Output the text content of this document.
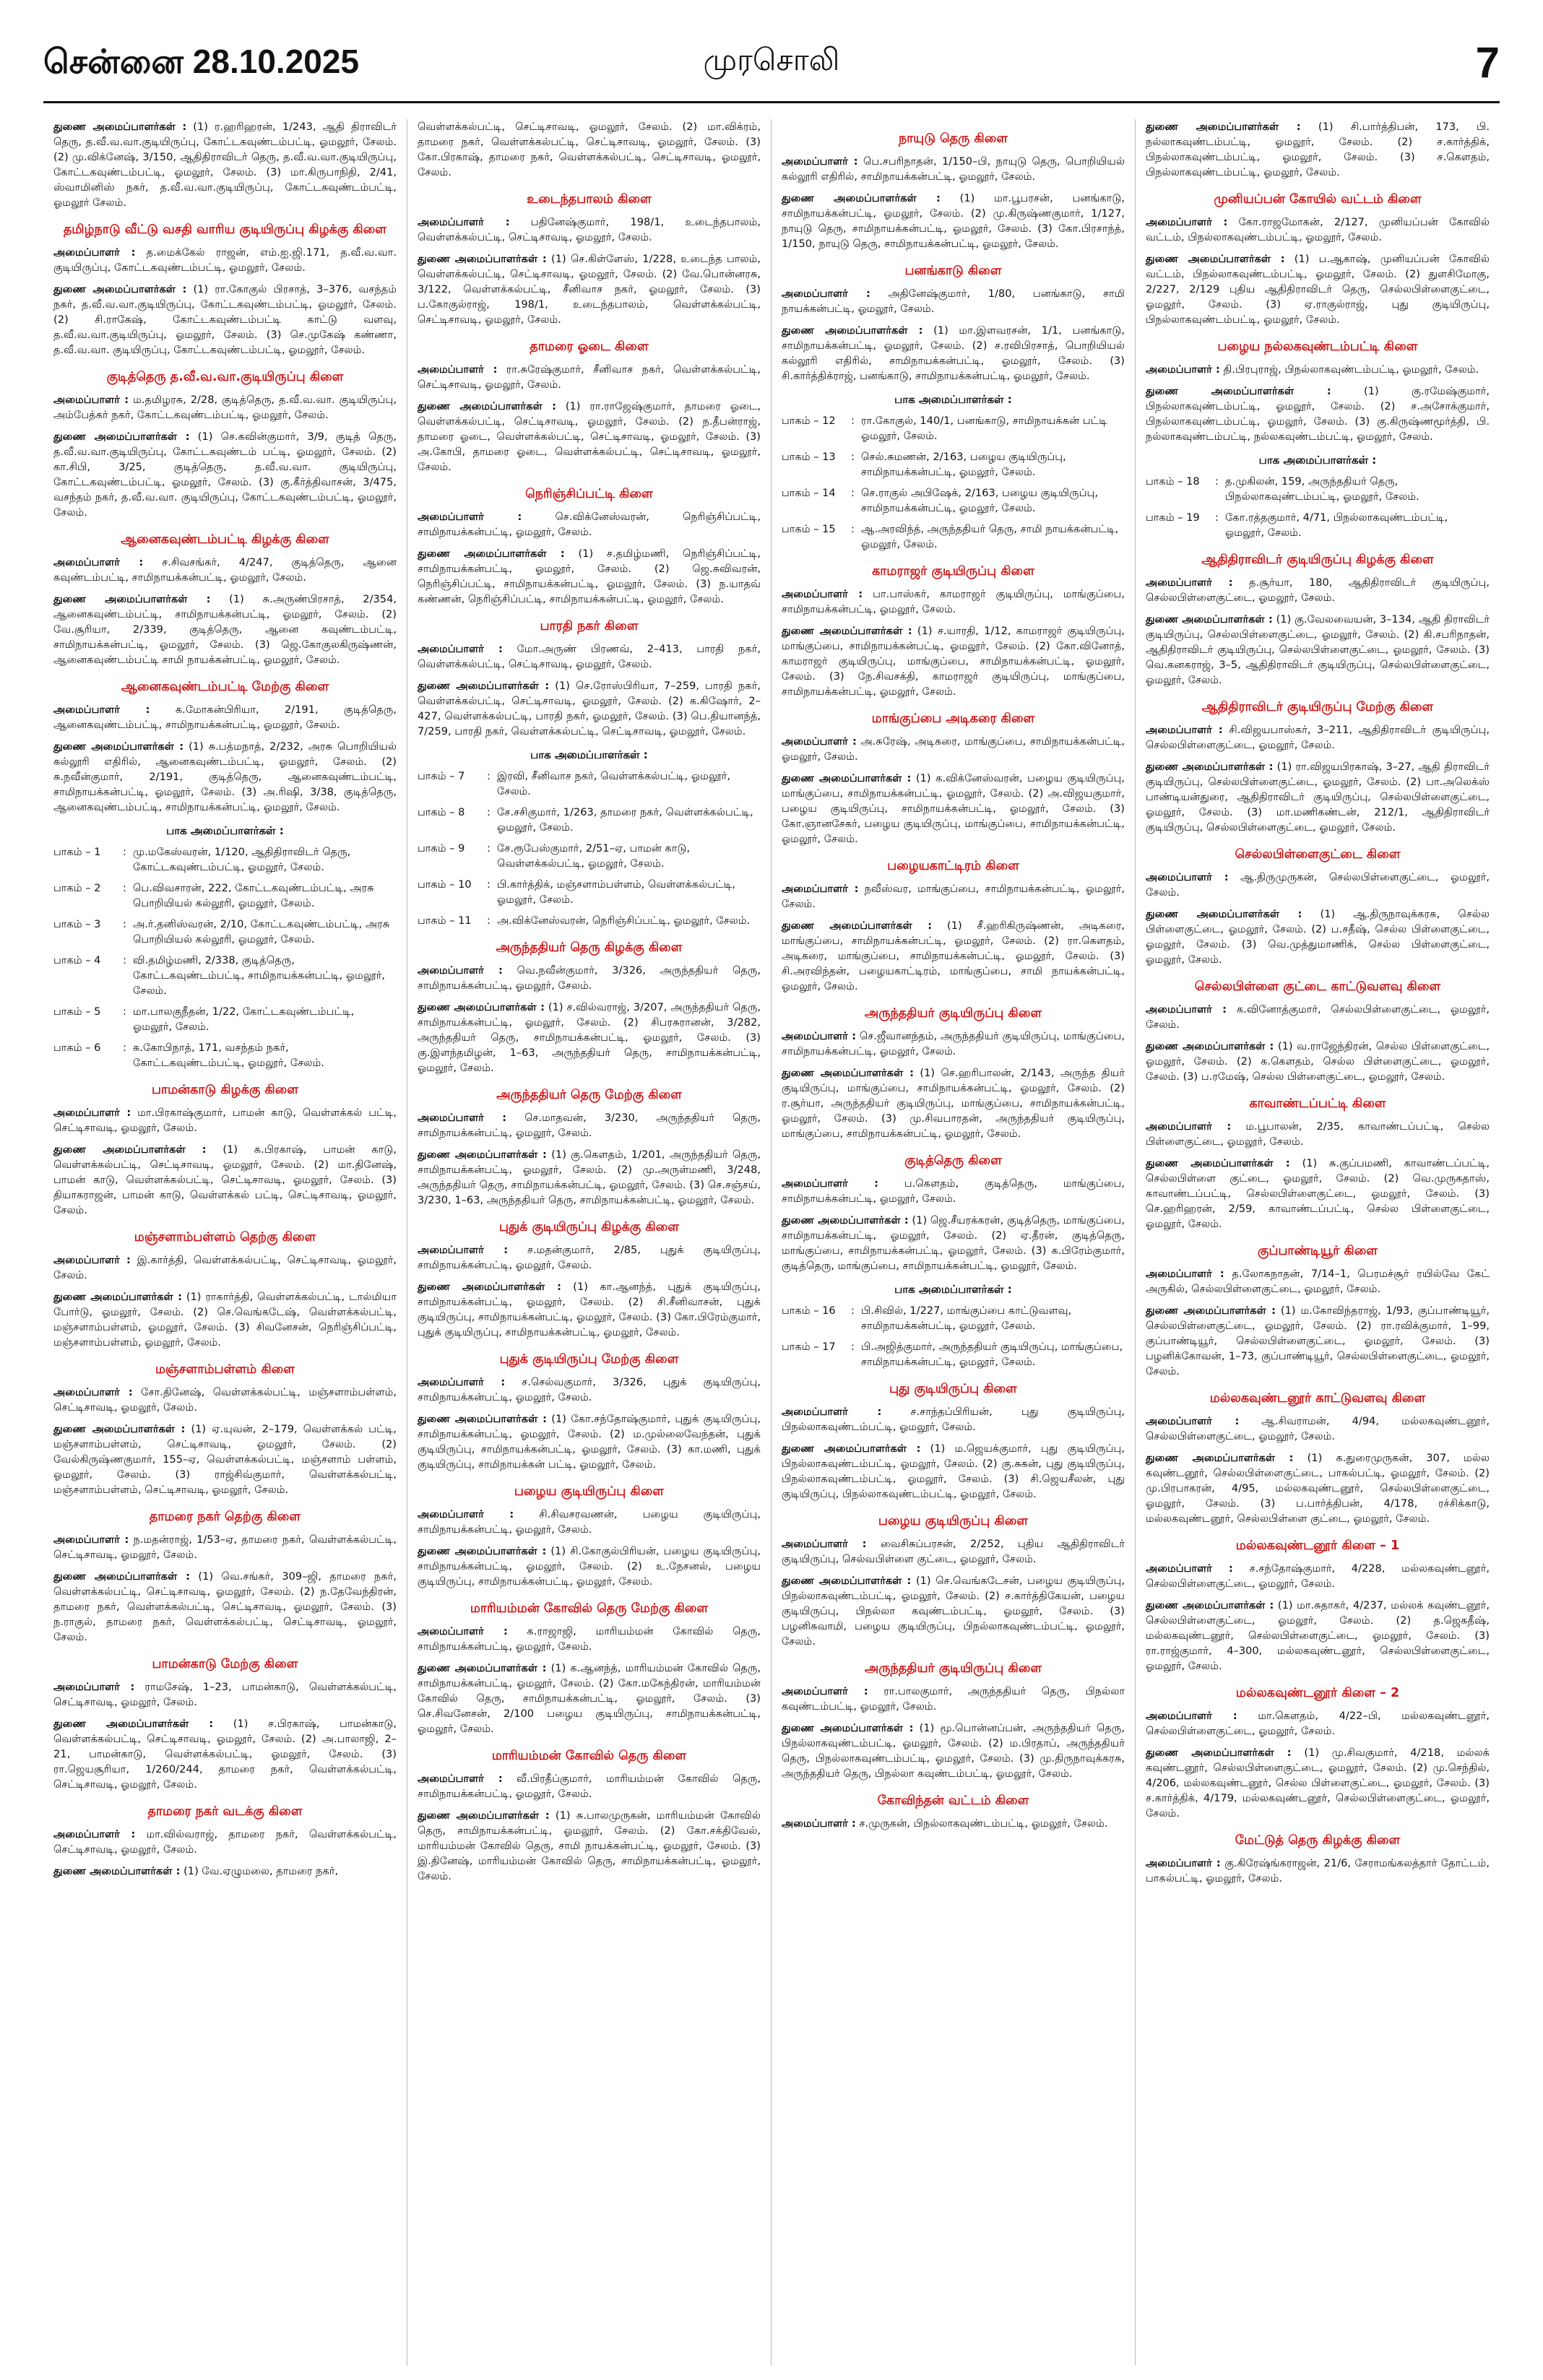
சென்னை 28.10.2025	முரசொலி	7
துணை அமைப்பாளர்கள் : (1) ர.ஹரிஹரன், 1/243, ஆதி திராவிடர் தெரு, த.வீ.வ.வா.குடியிருப்பு, கோட்டகவுண்டம்பட்டி, ஓமலூர், சேலம். (2) மு.விக்னேஷ், 3/150, ஆதிதிராவிடர் தெரு, த.வீ.வ.வா.குடியிருப்பு, கோட்டகவுண்டம்பட்டி, ஓமலூர், சேலம். (3) மா.கிருபாநிதி, 2/41, ஸ்வாமினிஸ் நகர், த.வீ.வ.வா.குடியிருப்பு, கோட்டகவுண்டம்பட்டி, ஓமலூர் சேலம்.
தமிழ்நாடு வீட்டு வசதி வாரிய குடியிருப்பு கிழக்கு கிளை
அமைப்பாளர் : த.மைக்கேல் ராஜன், எம்.ஐ.ஜி.171, த.வீ.வ.வா. குடியிருப்பு, கோட்டகவுண்டம்பட்டி, ஓமலூர், சேலம்.
துணை அமைப்பாளர்கள் : (1) ரா.கோகுல் பிரசாத், 3–376, வசந்தம் நகர், த.வீ.வ.வா.குடியிருப்பு, கோட்டகவுண்டம்பட்டி, ஓமலூர், சேலம். (2) சி.ராகேஷ், கோட்டகவுண்டம்பட்டி காட்டு வளவு, த.வீ.வ.வா.குடியிருப்பு, ஓமலூர், சேலம். (3) செ.முகேஷ் கண்ணா, த.வீ.வ.வா. குடியிருப்பு, கோட்டகவுண்டம்பட்டி, ஓமலூர், சேலம்.
குடித்தெரு த.வீ.வ.வா.குடியிருப்பு கிளை
அமைப்பாளர் : ம.தமிழரசு, 2/28, குடித்தெரு, த.வீ.வ.வா. குடியிருப்பு, அம்பேத்கர் நகர், கோட்டகவுண்டம்பட்டி, ஓமலூர், சேலம்.
துணை அமைப்பாளர்கள் : (1) செ.கவின்குமார், 3/9, குடித் தெரு, த.வீ.வ.வா.குடியிருப்பு, கோட்டகவுண்டம் பட்டி, ஓமலூர், சேலம். (2) கா.சிபி, 3/25, குடித்தெரு, த.வீ.வ.வா. குடியிருப்பு, கோட்டகவுண்டம்பட்டி, ஓமலூர், சேலம். (3) கு.கீர்த்திவாசன், 3/475, வசந்தம் நகர், த.வீ.வ.வா. குடியிருப்பு, கோட்டகவுண்டம்பட்டி, ஓமலூர், சேலம்.
ஆனைகவுண்டம்பட்டி கிழக்கு கிளை
அமைப்பாளர் : ச.சிவசங்கர், 4/247, குடித்தெரு, ஆனை கவுண்டம்பட்டி, சாமிநாயக்கன்பட்டி, ஓமலூர், சேலம்.
துணை அமைப்பாளர்கள் : (1) சு.அருண்பிரசாத், 2/354, ஆனைகவுண்டம்பட்டி, சாமிநாயக்கன்பட்டி, ஓமலூர், சேலம். (2) வே.சூரியா, 2/339, குடித்தெரு, ஆனை கவுண்டம்பட்டி, சாமிநாயக்கன்பட்டி, ஓமலூர், சேலம். (3) ஜெ.கோகுலகிருஷ்ணன், ஆனைகவுண்டம்பட்டி சாமி நாயக்கன்பட்டி, ஓமலூர், சேலம்.
ஆனைகவுண்டம்பட்டி மேற்கு கிளை
அமைப்பாளர் : க.மோகன்பிரியா, 2/191, குடித்தெரு, ஆனைகவுண்டம்பட்டி, சாமிநாயக்கன்பட்டி, ஓமலூர், சேலம்.
துணை அமைப்பாளர்கள் : (1) சு.பத்மநாத், 2/232, அரசு பொறியியல் கல்லூரி எதிரில், ஆனைகவுண்டம்பட்டி, ஓமலூர், சேலம். (2) சு.நவீன்குமார், 2/191, குடித்தெரு, ஆனைகவுண்டம்பட்டி, சாமிநாயக்கன்பட்டி, ஓமலூர், சேலம். (3) அ.ரிஷி, 3/38, குடித்தெரு, ஆனைகவுண்டம்பட்டி, சாமிநாயக்கன்பட்டி, ஓமலூர், சேலம்.
பாக அமைப்பாளர்கள் :
பாகம் – 1	: மு.மகேஸ்வரன், 1/120, ஆதிதிராவிடர் தெரு, கோட்டகவுண்டம்பட்டி, ஓமலூர், சேலம்.
பாகம் – 2	: பெ.விவசாரன், 222, கோட்டகவுண்டம்பட்டி, அரசு பொறியியல் கல்லூரி, ஓமலூர், சேலம்.
பாகம் – 3	: அ.ர்.தனிஸ்வரன், 2/10, கோட்டகவுண்டம்பட்டி, அரசு பொறியியல் கல்லூரி, ஓமலூர், சேலம்.
பாகம் – 4	: வி.தமிழ்மணி, 2/338, குடித்தெரு, கோட்டகவுண்டம்பட்டி, சாமிநாயக்கன்பட்டி, ஓமலூர், சேலம்.
பாகம் – 5	: மா.பாலகுநீதன், 1/22, கோட்டகவுண்டம்பட்டி, ஓமலூர், சேலம்.
பாகம் – 6	: க.கோபிநாத், 171, வசந்தம் நகர், கோட்டகவுண்டம்பட்டி, ஓமலூர், சேலம்.
பாமன்காடு கிழக்கு கிளை
அமைப்பாளர் : மா.பிரகாஷ்குமார், பாமன் காடு, வெள்ளக்கல் பட்டி, செட்டிசாவடி, ஓமலூர், சேலம்.
துணை அமைப்பாளர்கள் : (1) க.பிரகாஷ், பாமன் காடு, வெள்ளக்கல்பட்டி, செட்டிசாவடி, ஓமலூர், சேலம். (2) மா.தினேஷ், பாமன் காடு, வெள்ளக்கல்பட்டி, செட்டிசாவடி, ஓமலூர், சேலம். (3) தியாகராஜன், பாமன் காடு, வெள்ளக்கல் பட்டி, செட்டிசாவடி, ஓமலூர், சேலம்.
மஞ்சளாம்பள்ளம் தெற்கு கிளை
அமைப்பாளர் : இ.கார்த்தி, வெள்ளக்கல்பட்டி, செட்டிசாவடி, ஓமலூர், சேலம்.
துணை அமைப்பாளர்கள் : (1) ராகார்த்தி, வெள்ளக்கல்பட்டி, டால்மியா போர்டு, ஓமலூர், சேலம். (2) செ.வெங்கடேஷ், வெள்ளக்கல்பட்டி, மஞ்சளாம்பள்ளம், ஓமலூர், சேலம். (3) சிவனேசன், நெரிஞ்சிப்பட்டி, மஞ்சளாம்பள்ளம், ஓமலூர், சேலம்.
மஞ்சளாம்பள்ளம் கிளை
அமைப்பாளர் : சோ.தினேஷ், வெள்ளக்கல்பட்டி, மஞ்சளாம்பள்ளம், செட்டிசாவடி, ஓமலூர், சேலம்.
துணை அமைப்பாளர்கள் : (1) ஏ.யுவன், 2–179, வெள்ளக்கல் பட்டி, மஞ்சளாம்பள்ளம், செட்டிசாவடி, ஓமலூர், சேலம். (2) வேல்கிருஷ்ணகுமார், 155–ஏ, வெள்ளக்கல்பட்டி, மஞ்சளாம் பள்ளம், ஓமலூர், சேலம். (3) ராஜ்சிவ்குமார், வெள்ளக்கல்பட்டி, மஞ்சளாம்பள்ளம், செட்டிசாவடி, ஓமலூர், சேலம்.
தாமரை நகர் தெற்கு கிளை
அமைப்பாளர் : ந.மதன்ராஜ், 1/53–ஏ, தாமரை நகர், வெள்ளக்கல்பட்டி, செட்டிசாவடி, ஓமலூர், சேலம்.
துணை அமைப்பாளர்கள் : (1) வெ.சங்கர், 309–ஜி, தாமரை நகர், வெள்ளக்கல்பட்டி, செட்டிசாவடி, ஓமலூர், சேலம். (2) ந.தேவேந்திரன், தாமரை நகர், வெள்ளக்கல்பட்டி, செட்டிசாவடி, ஓமலூர், சேலம். (3) ந.ராகுல், தாமரை நகர், வெள்ளக்கல்பட்டி, செட்டிசாவடி, ஓமலூர், சேலம்.
பாமன்காடு மேற்கு கிளை
அமைப்பாளர் : ராமசேஷ், 1–23, பாமன்காடு, வெள்ளக்கல்பட்டி, செட்டிசாவடி, ஓமலூர், சேலம்.
துணை அமைப்பாளர்கள் : (1) ச.பிரகாஷ், பாமன்காடு, வெள்ளக்கல்பட்டி, செட்டிசாவடி, ஓமலூர், சேலம். (2) அ.பாலாஜி, 2–21, பாமன்காடு, வெள்ளக்கல்பட்டி, ஓமலூர், சேலம். (3) ரா.ஜெயசூரியா, 1/260/244, தாமரை நகர், வெள்ளக்கல்பட்டி, செட்டிசாவடி, ஓமலூர், சேலம்.
தாமரை நகர் வடக்கு கிளை
அமைப்பாளர் : மா.வில்வராஜ், தாமரை நகர், வெள்ளக்கல்பட்டி, செட்டிசாவடி, ஓமலூர், சேலம்.
துணை அமைப்பாளர்கள் : (1) வே.ஏழுமலை, தாமரை நகர்,
வெள்ளக்கல்பட்டி, செட்டிசாவடி, ஓமலூர், சேலம். (2) மா.விக்ரம், தாமரை நகர், வெள்ளக்கல்பட்டி, செட்டிசாவடி, ஓமலூர், சேலம். (3) கோ.பிரகாஷ், தாமரை நகர், வெள்ளக்கல்பட்டி, செட்டிசாவடி, ஓமலூர், சேலம்.
உடைந்தபாலம் கிளை
அமைப்பாளர் : பதினேஷ்குமார், 198/1, உடைந்தபாலம், வெள்ளக்கல்பட்டி, செட்டிசாவடி, ஓமலூர், சேலம்.
துணை அமைப்பாளர்கள் : (1) செ.கிள்ளேஸ், 1/228, உடைந்த பாலம், வெள்ளக்கல்பட்டி, செட்டிசாவடி, ஓமலூர், சேலம். (2) வே.பொன்னரசு, 3/122, வெள்ளக்கல்பட்டி, சீனிவாச நகர், ஓமலூர், சேலம். (3) ப.கோகுல்ராஜ், 198/1, உடைந்தபாலம், வெள்ளக்கல்பட்டி, செட்டிசாவடி, ஓமலூர், சேலம்.
தாமரை ஓடை கிளை
அமைப்பாளர் : ரா.சுரேஷ்குமார், சீனிவாச நகர், வெள்ளக்கல்பட்டி, செட்டிசாவடி, ஓமலூர், சேலம்.
துணை அமைப்பாளர்கள் : (1) ரா.ராஜேஷ்குமார், தாமரை ஓடை, வெள்ளக்கல்பட்டி, செட்டிசாவடி, ஓமலூர், சேலம். (2) ந.தீபன்ராஜ், தாமரை ஓடை, வெள்ளக்கல்பட்டி, செட்டிசாவடி, ஓமலூர், சேலம். (3) அ.கோபி, தாமரை ஓடை, வெள்ளக்கல்பட்டி, செட்டிசாவடி, ஓமலூர், சேலம்.
நெரிஞ்சிப்பட்டி கிளை
அமைப்பாளர் :	செ.விக்னேஸ்வரன், நெரிஞ்சிப்பட்டி, சாமிநாயக்கன்பட்டி, ஓமலூர், சேலம்.
துணை அமைப்பாளர்கள் : (1) ச.தமிழ்மணி, நெரிஞ்சிப்பட்டி, சாமிநாயக்கன்பட்டி, ஓமலூர், சேலம். (2) ஜெ.சுவிவரன், நெரிஞ்சிப்பட்டி, சாமிநாயக்கன்பட்டி, ஓமலூர், சேலம். (3) ந.யாதவ் கண்ணன், நெரிஞ்சிப்பட்டி, சாமிநாயக்கன்பட்டி, ஓமலூர், சேலம்.
பாரதி நகர் கிளை
அமைப்பாளர் : மோ.அருண் பிரணவ், 2–413, பாரதி நகர், வெள்ளக்கல்பட்டி, செட்டிசாவடி, ஓமலூர், சேலம்.
துணை அமைப்பாளர்கள் : (1) செ.ரோஸ்பிரியா, 7–259, பாரதி நகர், வெள்ளக்கல்பட்டி, செட்டிசாவடி, ஓமலூர், சேலம். (2) க.கிஷோர், 2–427, வெள்ளக்கல்பட்டி, பாரதி நகர், ஓமலூர், சேலம். (3) பெ.தியானந்த், 7/259, பாரதி நகர், வெள்ளக்கல்பட்டி, செட்டிசாவடி, ஓமலூர், சேலம்.
பாக அமைப்பாளர்கள் :
பாகம் – 7	: இரவி, சீனிவாச நகர், வெள்ளக்கல்பட்டி, ஓமலூர், சேலம்.
பாகம் – 8	: சே.சசிகுமார், 1/263, தாமரை நகர், வெள்ளக்கல்பட்டி, ஓமலூர், சேலம்.
பாகம் – 9	: சே.ரூபேஸ்குமார், 2/51–ஏ, பாமன் காடு, வெள்ளக்கல்பட்டி, ஓமலூர், சேலம்.
பாகம் – 10	: பி.கார்த்திக், மஞ்சளாம்பள்ளம், வெள்ளக்கல்பட்டி, ஓமலூர், சேலம்.
பாகம் – 11	: அ.விக்னேஸ்வரன், நெரிஞ்சிப்பட்டி, ஓமலூர், சேலம்.
அருந்ததியர் தெரு கிழக்கு கிளை
அமைப்பாளர் : வெ.நவீன்குமார், 3/326, அருந்ததியர் தெரு, சாமிநாயக்கன்பட்டி, ஓமலூர், சேலம்.
துணை அமைப்பாளர்கள் : (1) ச.வில்வராஜ், 3/207, அருந்ததியர் தெரு, சாமிநாயக்கன்பட்டி, ஓமலூர், சேலம். (2) சிபரசுரானன், 3/282, அருந்ததியர் தெரு, சாமிநாயக்கன்பட்டி, ஓமலூர், சேலம். (3) கு.இளந்தமிழன், 1–63, அருந்ததியர் தெரு, சாமிநாயக்கன்பட்டி, ஓமலூர், சேலம்.
அருந்ததியர் தெரு மேற்கு கிளை
அமைப்பாளர் : செ.மாதவன், 3/230, அருந்ததியர் தெரு, சாமிநாயக்கன்பட்டி, ஓமலூர், சேலம்.
துணை அமைப்பாளர்கள் : (1) கு.கௌதம், 1/201, அருந்ததியர் தெரு, சாமிநாயக்கன்பட்டி, ஓமலூர், சேலம். (2) மு.அருள்மணி, 3/248, அருந்ததியர் தெரு, சாமிநாயக்கன்பட்டி, ஓமலூர், சேலம். (3) செ.சஞ்சய், 3/230, 1–63, அருந்ததியர் தெரு, சாமிநாயக்கன்பட்டி, ஓமலூர், சேலம்.
புதுக் குடியிருப்பு கிழக்கு கிளை
அமைப்பாளர் : ச.மதன்குமார், 2/85, புதுக் குடியிருப்பு, சாமிநாயக்கன்பட்டி, ஓமலூர், சேலம்.
துணை அமைப்பாளர்கள் : (1) கா.ஆனந்த், புதுக் குடியிருப்பு, சாமிநாயக்கன்பட்டி, ஓமலூர், சேலம். (2) சி.சீனிவாசன், புதுக் குடியிருப்பு, சாமிநாயக்கன்பட்டி, ஓமலூர், சேலம். (3) கோ.பிரேம்குமார், புதுக் குடியிருப்பு, சாமிநாயக்கன்பட்டி, ஓமலூர், சேலம்.
புதுக் குடியிருப்பு மேற்கு கிளை
அமைப்பாளர் : ச.செல்வகுமார், 3/326, புதுக் குடியிருப்பு, சாமிநாயக்கன்பட்டி, ஓமலூர், சேலம்.
துணை அமைப்பாளர்கள் : (1) கோ.சந்தோஷ்குமார், புதுக் குடியிருப்பு, சாமிநாயக்கன்பட்டி, ஓமலூர், சேலம். (2) ம.முல்லைவேந்தன், புதுக் குடியிருப்பு, சாமிநாயக்கன்பட்டி, ஓமலூர், சேலம். (3) கா.மணி, புதுக் குடியிருப்பு, சாமிநாயக்கன் பட்டி, ஓமலூர், சேலம்.
பழைய குடியிருப்பு கிளை
அமைப்பாளர் : சி.சிவசரவணன், பழைய குடியிருப்பு, சாமிநாயக்கன்பட்டி, ஓமலூர், சேலம்.
துணை அமைப்பாளர்கள் : (1) சி.கோகுல்பிரியன், பழைய குடியிருப்பு, சாமிநாயக்கன்பட்டி, ஓமலூர், சேலம். (2) உ.நேசனல், பழைய குடியிருப்பு, சாமிநாயக்கன்பட்டி, ஓமலூர், சேலம்.
மாரியம்மன் கோவில் தெரு மேற்கு கிளை
அமைப்பாளர் : க.ராஜாஜி, மாரியம்மன் கோவில் தெரு, சாமிநாயக்கன்பட்டி, ஓமலூர், சேலம்.
துணை அமைப்பாளர்கள் : (1) க.ஆனந்த், மாரியம்மன் கோவில் தெரு, சாமிநாயக்கன்பட்டி, ஓமலூர், சேலம். (2) கோ.மகேந்திரன், மாரியம்மன் கோவில் தெரு, சாமிநாயக்கன்பட்டி, ஓமலூர், சேலம். (3) செ.சிவனேசன், 2/100 பழைய குடியிருப்பு, சாமிநாயக்கன்பட்டி, ஓமலூர், சேலம்.
மாரியம்மன் கோவில் தெரு கிளை
அமைப்பாளர் : வீ.பிரதீப்குமார், மாரியம்மன் கோவில் தெரு, சாமிநாயக்கன்பட்டி, ஓமலூர், சேலம்.
துணை அமைப்பாளர்கள் : (1) சு.பாலமுருகன், மாரியம்மன் கோவில் தெரு, சாமிநாயக்கன்பட்டி, ஓமலூர், சேலம். (2) கோ.சக்திவேல், மாரியம்மன் கோவில் தெரு, சாமி நாயக்கன்பட்டி, ஓமலூர், சேலம். (3) இ.தினேஷ், மாரியம்மன் கோவில் தெரு, சாமிநாயக்கன்பட்டி, ஓமலூர், சேலம்.
நாயுடு தெரு கிளை
அமைப்பாளர் : பெ.சபரிநாதன், 1/150–பி, நாயுடு தெரு, பொறியியல் கல்லூரி எதிரில், சாமிநாயக்கன்பட்டி, ஓமலூர், சேலம்.
துணை அமைப்பாளர்கள் : (1) மா.பூபரசன், பனங்காடு, சாமிநாயக்கன்பட்டி, ஓமலூர், சேலம். (2) மு.கிருஷ்ணகுமார், 1/127, நாயுடு தெரு, சாமிநாயக்கன்பட்டி, ஓமலூர், சேலம். (3) கோ.பிரசாந்த், 1/150, நாயுடு தெரு, சாமிநாயக்கன்பட்டி, ஓமலூர், சேலம்.
பனங்காடு கிளை
அமைப்பாளர் : அதினேஷ்குமார், 1/80, பனங்காடு, சாமி நாயக்கன்பட்டி, ஓமலூர், சேலம்.
துணை அமைப்பாளர்கள் : (1) மா.இளவரசன், 1/1, பனங்காடு, சாமிநாயக்கன்பட்டி, ஓமலூர், சேலம். (2) ச.ரவிபிரசாத், பொறியியல் கல்லூரி எதிரில், சாமிநாயக்கன்பட்டி, ஓமலூர், சேலம். (3) சி.கார்த்திக்ராஜ், பனங்காடு, சாமிநாயக்கன்பட்டி, ஓமலூர், சேலம்.
பாக அமைப்பாளர்கள் :
பாகம் – 12	: ரா.கோகுல், 140/1, பனங்காடு, சாமிநாயக்கன் பட்டி ஓமலூர், சேலம்.
பாகம் – 13	: செல்.சுமணன், 2/163, பழைய குடியிருப்பு, சாமிநாயக்கன்பட்டி, ஓமலூர், சேலம்.
பாகம் – 14	: செ.ராகுல் அபிஷேக், 2/163, பழைய குடியிருப்பு, சாமிநாயக்கன்பட்டி, ஓமலூர், சேலம்.
பாகம் – 15	: ஆ.அரவிந்த், அருந்ததியர் தெரு, சாமி நாயக்கன்பட்டி, ஓமலூர், சேலம்.
காமராஜர் குடியிருப்பு கிளை
அமைப்பாளர் : பா.பாஸ்கர், காமராஜர் குடியிருப்பு, மாங்குப்பை, சாமிநாயக்கன்பட்டி, ஓமலூர், சேலம்.
துணை அமைப்பாளர்கள் : (1) ச.யாரதி, 1/12, காமராஜர் குடியிருப்பு, மாங்குப்பை, சாமிநாயக்கன்பட்டி, ஓமலூர், சேலம். (2) கோ.வினோத், காமராஜர் குடியிருப்பு, மாங்குப்பை, சாமிநாயக்கன்பட்டி, ஓமலூர், சேலம். (3) நே.சிவசக்தி, காமராஜர் குடியிருப்பு, மாங்குப்பை, சாமிநாயக்கன்பட்டி, ஓமலூர், சேலம்.
மாங்குப்பை அடிகரை கிளை
அமைப்பாளர் : அ.சுரேஷ், அடிகரை, மாங்குப்பை, சாமிநாயக்கன்பட்டி, ஓமலூர், சேலம்.
துணை அமைப்பாளர்கள் : (1) க.விக்னேஸ்வரன், பழைய குடியிருப்பு, மாங்குப்பை, சாமிநாயக்கன்பட்டி, ஓமலூர், சேலம். (2) அ.விஜயகுமார், பழைய குடியிருப்பு, சாமிநாயக்கன்பட்டி, ஓமலூர், சேலம். (3) கோ.ஞானசேகர், பழைய குடியிருப்பு, மாங்குப்பை, சாமிநாயக்கன்பட்டி, ஓமலூர், சேலம்.
பழையகாட்டிரம் கிளை
அமைப்பாளர் : நவீஸ்வர, மாங்குப்பை, சாமிநாயக்கன்பட்டி, ஓமலூர், சேலம்.
துணை அமைப்பாளர்கள் : (1) சீ.ஹரிகிருஷ்ணன், அடிகரை, மாங்குப்பை, சாமிநாயக்கன்பட்டி, ஓமலூர், சேலம். (2) ரா.கௌதம், அடிகரை, மாங்குப்பை, சாமிநாயக்கன்பட்டி, ஓமலூர், சேலம். (3) சி.அரவிந்தன், பழையகாட்டிரம், மாங்குப்பை, சாமி நாயக்கன்பட்டி, ஓமலூர், சேலம்.
அருந்ததியர் குடியிருப்பு கிளை
அமைப்பாளர் : செ.ஜீவானந்தம், அருந்ததியர் குடியிருப்பு, மாங்குப்பை, சாமிநாயக்கன்பட்டி, ஓமலூர், சேலம்.
துணை அமைப்பாளர்கள் : (1) செ.ஹரிபாலன், 2/143, அருந்த தியர் குடியிருப்பு, மாங்குப்பை, சாமிநாயக்கன்பட்டி, ஓமலூர், சேலம். (2) ர.சூர்யா, அருந்ததியர் குடியிருப்பு, மாங்குப்பை, சாமிநாயக்கன்பட்டி, ஓமலூர், சேலம். (3) மு.சிவபாரதன், அருந்ததியர் குடியிருப்பு, மாங்குப்பை, சாமிநாயக்கன்பட்டி, ஓமலூர், சேலம்.
குடித்தெரு கிளை
அமைப்பாளர் : ப.கௌதம், குடித்தெரு, மாங்குப்பை, சாமிநாயக்கன்பட்டி, ஓமலூர், சேலம்.
துணை அமைப்பாளர்கள் : (1) ஜெ.சீயரக்கரன், குடித்தெரு, மாங்குப்பை, சாமிநாயக்கன்பட்டி, ஓமலூர், சேலம். (2) ஏ.தீரன், குடித்தெரு, மாங்குப்பை, சாமிநாயக்கன்பட்டி, ஓமலூர், சேலம். (3) க.பிரேம்குமார், குடித்தெரு, மாங்குப்பை, சாமிநாயக்கன்பட்டி, ஓமலூர், சேலம்.
பாக அமைப்பாளர்கள் :
பாகம் – 16	: பி.சிவில், 1/227, மாங்குப்பை காட்டுவளவு, சாமிநாயக்கன்பட்டி, ஓமலூர், சேலம்.
பாகம் – 17	: பி.அஜித்குமார், அருந்ததியர் குடியிருப்பு, மாங்குப்பை, சாமிநாயக்கன்பட்டி, ஓமலூர், சேலம்.
புது குடியிருப்பு கிளை
அமைப்பாளர் :	ச.சாந்தப்பிரியன், புது குடியிருப்பு, பிநல்லாகவுண்டம்பட்டி, ஓமலூர், சேலம்.
துணை அமைப்பாளர்கள் : (1) ம.ஜெயக்குமார், புது குடியிருப்பு, பிநல்லாகவுண்டம்பட்டி, ஓமலூர், சேலம். (2) கு.சுகன், புது குடியிருப்பு, பிநல்லாகவுண்டம்பட்டி, ஓமலூர், சேலம். (3) சி.ஜெயசீலன், புது குடியிருப்பு, பிநல்லாகவுண்டம்பட்டி, ஓமலூர், சேலம்.
பழைய குடியிருப்பு கிளை
அமைப்பாளர் : வைசிசுப்பரசன், 2/252, புதிய ஆதிதிராவிடர் குடியிருப்பு, செல்வபிள்ளை குட்டை, ஓமலூர், சேலம்.
துணை அமைப்பாளர்கள் : (1) செ.வெங்கடேசன், பழைய குடியிருப்பு, பிநல்லாகவுண்டம்பட்டி, ஓமலூர், சேலம். (2) ச.கார்த்திகேயன், பழைய குடியிருப்பு, பிநல்லா கவுண்டம்பட்டி, ஓமலூர், சேலம். (3) பழனிசுவாமி, பழைய குடியிருப்பு, பிநல்லாகவுண்டம்பட்டி, ஓமலூர், சேலம்.
அருந்ததியர் குடியிருப்பு கிளை
அமைப்பாளர் : ரா.பாலகுமார், அருந்ததியர் தெரு, பிநல்லா கவுண்டம்பட்டி, ஓமலூர், சேலம்.
துணை அமைப்பாளர்கள் : (1) மூ.பொன்னப்பன், அருந்ததியர் தெரு, பிநல்லாகவுண்டம்பட்டி, ஓமலூர், சேலம். (2) ம.பிரதாப், அருந்ததியர் தெரு, பிநல்லாகவுண்டம்பட்டி, ஓமலூர், சேலம். (3) மு.திருநாவுக்கரசு, அருந்ததியர் தெரு, பிநல்லா கவுண்டம்பட்டி, ஓமலூர், சேலம்.
கோவிந்தன் வட்டம் கிளை
அமைப்பாளர் : ச.முருகன், பிநல்லாகவுண்டம்பட்டி, ஓமலூர், சேலம்.
துணை அமைப்பாளர்கள் : (1) சி.பார்த்திபன், 173, பி. நல்லாகவுண்டம்பட்டி, ஓமலூர், சேலம். (2) ச.கார்த்திக், பிநல்லாகவுண்டம்பட்டி, ஓமலூர், சேலம். (3) ச.கௌதம், பிநல்லாகவுண்டம்பட்டி, ஓமலூர், சேலம்.
முனியப்பன் கோயில் வட்டம் கிளை
அமைப்பாளர் : கோ.ராஜமோகன், 2/127, முனியப்பன் கோவில் வட்டம், பிநல்லாகவுண்டம்பட்டி, ஓமலூர், சேலம்.
துணை அமைப்பாளர்கள் : (1) ப.ஆகாஷ், முனியப்பன் கோவில் வட்டம், பிநல்லாகவுண்டம்பட்டி, ஓமலூர், சேலம். (2) துளசிமோகு, 2/227, 2/129 புதிய ஆதிதிராவிடர் தெரு, செல்லபிள்ளைகுட்டை, ஓமலூர், சேலம். (3) ஏ.ராகுல்ராஜ், புது குடியிருப்பு, பிநல்லாகவுண்டம்பட்டி, ஓமலூர், சேலம்.
பழைய நல்லகவுண்டம்பட்டி கிளை
அமைப்பாளர் : தி.பிரபுராஜ், பிநல்லாகவுண்டம்பட்டி, ஓமலூர், சேலம்.
துணை அமைப்பாளர்கள் :	(1) கு.ரமேஷ்குமார், பிநல்லாகவுண்டம்பட்டி, ஓமலூர், சேலம். (2) ச.அசோக்குமார், பிநல்லாகவுண்டம்பட்டி, ஓமலூர், சேலம். (3) கு.கிருஷ்ணமூர்த்தி, பி. நல்லாகவுண்டம்பட்டி, நல்லகவுண்டம்பட்டி, ஓமலூர், சேலம்.
பாக அமைப்பாளர்கள் :
பாகம் – 18	: த.முகிலன், 159, அருந்ததியர் தெரு, பிநல்லாகவுண்டம்பட்டி, ஓமலூர், சேலம்.
பாகம் – 19	: கோ.ரத்தகுமார், 4/71, பிநல்லாகவுண்டம்பட்டி, ஓமலூர், சேலம்.
ஆதிதிராவிடர் குடியிருப்பு கிழக்கு கிளை
அமைப்பாளர் : த.சூர்யா, 180, ஆதிதிராவிடர் குடியிருப்பு, செல்லபிள்ளைகுட்டை, ஓமலூர், சேலம்.
துணை அமைப்பாளர்கள் : (1) கு.வேலவையன், 3–134, ஆதி திராவிடர் குடியிருப்பு, செல்லபிள்ளைகுட்டை, ஓமலூர், சேலம். (2) கி.சபரிநாதன், ஆதிதிராவிடர் குடியிருப்பு, செல்லபிள்ளைகுட்டை, ஓமலூர், சேலம். (3) வெ.கனகராஜ், 3–5, ஆதிதிராவிடர் குடியிருப்பு, செல்லபிள்ளைகுட்டை, ஓமலூர், சேலம்.
ஆதிதிராவிடர் குடியிருப்பு மேற்கு கிளை
அமைப்பாளர் : சி.விஜயபாஸ்கர், 3–211, ஆதிதிராவிடர் குடியிருப்பு, செல்லபிள்ளைகுட்டை, ஓமலூர், சேலம்.
துணை அமைப்பாளர்கள் : (1) ரா.விஜயபிரகாஷ், 3–27, ஆதி திராவிடர் குடியிருப்பு, செல்லபிள்ளைகுட்டை, ஓமலூர், சேலம். (2) பா.அலெக்ஸ் பாண்டியன்துரை, ஆதிதிராவிடர் குடியிருப்பு, செல்லபிள்ளைகுட்டை, ஓமலூர், சேலம். (3) மா.மணிகண்டன், 212/1, ஆதிதிராவிடர் குடியிருப்பு, செல்லபிள்ளைகுட்டை, ஓமலூர், சேலம்.
செல்லபிள்ளைகுட்டை கிளை
அமைப்பாளர் : ஆ.திருமுருகன், செல்லபிள்ளைகுட்டை, ஓமலூர், சேலம்.
துணை அமைப்பாளர்கள் : (1) ஆ.திருநாவுக்கரசு, செல்ல பிள்ளைகுட்டை, ஓமலூர், சேலம். (2) ப.சதீஷ், செல்ல பிள்ளைகுட்டை, ஓமலூர், சேலம். (3) வெ.முத்துமாணிக், செல்ல பிள்ளைகுட்டை, ஓமலூர், சேலம்.
செல்லபிள்ளை குட்டை காட்டுவளவு கிளை
அமைப்பாளர் : க.வினோத்குமார், செல்லபிள்ளைகுட்டை, ஓமலூர், சேலம்.
துணை அமைப்பாளர்கள் : (1) வ.ராஜேந்திரன், செல்ல பிள்ளைகுட்டை, ஓமலூர், சேலம். (2) க.கௌதம், செல்ல பிள்ளைகுட்டை, ஓமலூர், சேலம். (3) ப.ரமேஷ், செல்ல பிள்ளைகுட்டை, ஓமலூர், சேலம்.
காவாண்டப்பட்டி கிளை
அமைப்பாளர் : ம.பூபாலன், 2/35, காவாண்டப்பட்டி, செல்ல பிள்ளைகுட்டை, ஓமலூர், சேலம்.
துணை அமைப்பாளர்கள் : (1) சு.குப்பமணி, காவாண்டப்பட்டி, செல்லபிள்ளை குட்டை, ஓமலூர், சேலம். (2) வெ.முருகதாஸ், காவாண்டப்பட்டி, செல்லபிள்ளைகுட்டை, ஓமலூர், சேலம். (3) செ.ஹரிஹரன், 2/59, காவாண்டப்பட்டி, செல்ல பிள்ளைகுட்டை, ஓமலூர், சேலம்.
குப்பாண்டியூர் கிளை
அமைப்பாளர் : த.லோகநாதன், 7/14–1, பெரமச்சூர் ரயில்வே கேட் அருகில், செல்லபிள்ளைகுட்டை, ஓமலூர், சேலம்.
துணை அமைப்பாளர்கள் : (1) ம.கோவிந்தராஜ், 1/93, குப்பாண்டியூர், செல்லபிள்ளைகுட்டை, ஓமலூர், சேலம். (2) ரா.ரவிக்குமார், 1–99, குப்பாண்டியூர், செல்லபிள்ளைகுட்டை, ஓமலூர், சேலம். (3) பழனிக்கோவன், 1–73, குப்பாண்டியூர், செல்லபிள்ளைகுட்டை, ஓமலூர், சேலம்.
மல்லகவுண்டனூர் காட்டுவளவு கிளை
அமைப்பாளர் : ஆ.சிவராமன், 4/94, மல்லகவுண்டனூர், செல்லபிள்ளைகுட்டை, ஓமலூர், சேலம்.
துணை அமைப்பாளர்கள் : (1) க.துரைமுருகன், 307, மல்ல கவுண்டனூர், செல்லபிள்ளைகுட்டை, பாகல்பட்டி, ஓமலூர், சேலம். (2) மு.பிரபாகரன், 4/95, மல்லகவுண்டனூர், செல்லபிள்ளைகுட்டை, ஓமலூர், சேலம். (3) ப.பார்த்திபன், 4/178, ரச்சிக்காடு, மல்லகவுண்டனூர், செல்லபிள்ளை குட்டை, ஓமலூர், சேலம்.
மல்லகவுண்டனூர் கிளை – 1
அமைப்பாளர் : ச.சந்தோஷ்குமார், 4/228, மல்லகவுண்டனூர், செல்லபிள்ளைகுட்டை, ஓமலூர், சேலம்.
துணை அமைப்பாளர்கள் : (1) மா.சுதாகர், 4/237, மல்லக் கவுண்டனூர், செல்லபிள்ளைகுட்டை, ஓமலூர், சேலம். (2) த.ஜெகதீஷ், மல்லகவுண்டனூர், செல்லபிள்ளைகுட்டை, ஓமலூர், சேலம். (3) ரா.ராஜ்குமார், 4–300, மல்லகவுண்டனூர், செல்லபிள்ளைகுட்டை, ஓமலூர், சேலம்.
மல்லகவுண்டனூர் கிளை – 2
அமைப்பாளர் : மா.கௌதம், 4/22–பி, மல்லகவுண்டனூர், செல்லபிள்ளைகுட்டை, ஓமலூர், சேலம்.
துணை அமைப்பாளர்கள் : (1) மு.சிவகுமார், 4/218, மல்லக் கவுண்டனூர், செல்லபிள்ளைகுட்டை, ஓமலூர், சேலம். (2) மு.செந்தில், 4/206, மல்லகவுண்டனூர், செல்ல பிள்ளைகுட்டை, ஓமலூர், சேலம். (3) ச.கார்த்திக், 4/179, மல்லகவுண்டனூர், செல்லபிள்ளைகுட்டை, ஓமலூர், சேலம்.
மேட்டுத் தெரு கிழக்கு கிளை
அமைப்பாளர் : கு.கிரேஷ்ங்கராஜன், 21/6, சேராமங்கலத்தார் தோட்டம், பாகல்பட்டி, ஓமலூர், சேலம்.
